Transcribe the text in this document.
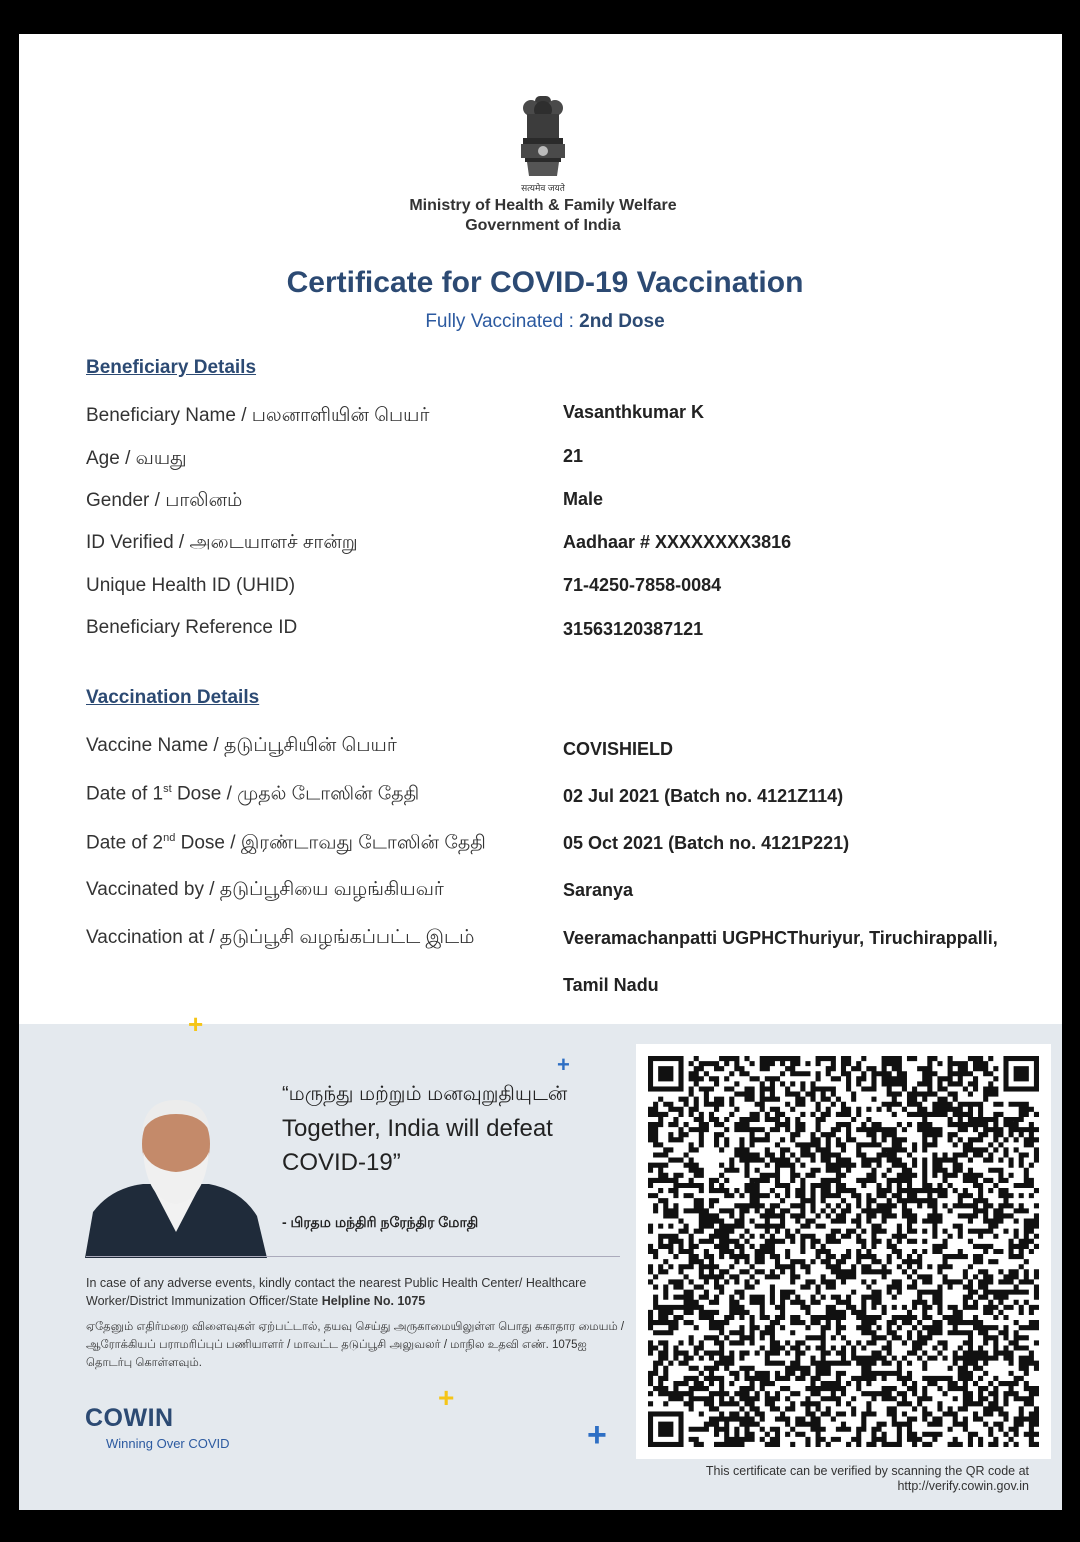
सत्यमेव जयते
Ministry of Health & Family Welfare
Government of India
Certificate for COVID-19 Vaccination
Fully Vaccinated : 2nd Dose
Beneficiary Details
Beneficiary Name / பலனாளியின் பெயர்	Vasanthkumar K
Age / வயது	21
Gender / பாலினம்	Male
ID Verified / அடையாளச் சான்று	Aadhaar # XXXXXXXX3816
Unique Health ID (UHID)	71-4250-7858-0084
Beneficiary Reference ID	31563120387121
Vaccination Details
Vaccine Name / தடுப்பூசியின் பெயர்	COVISHIELD
Date of 1st Dose / முதல் டோஸின் தேதி	02 Jul 2021 (Batch no. 4121Z114)
Date of 2nd Dose / இரண்டாவது டோஸின் தேதி	05 Oct 2021 (Batch no. 4121P221)
Vaccinated by / தடுப்பூசியை வழங்கியவர்	Saranya
Vaccination at / தடுப்பூசி வழங்கப்பட்ட இடம்	Veeramachanpatti UGPHCThuriyur, Tiruchirappalli,
Tamil Nadu
+
+
+
+
“மருந்து மற்றும் மனவுறுதியுடன்
Together, India will defeat COVID-19”
- பிரதம மந்திரி நரேந்திர மோதி
In case of any adverse events, kindly contact the nearest Public Health Center/ Healthcare Worker/District Immunization Officer/State Helpline No. 1075
ஏதேனும் எதிர்மறை விளைவுகள் ஏற்பட்டால், தயவு செய்து அருகாமையிலுள்ள பொது சுகாதார மையம் / ஆரோக்கியப் பராமரிப்புப் பணியாளர் / மாவட்ட தடுப்பூசி அலுவலர் / மாநில உதவி எண். 1075ஐ தொடர்பு கொள்ளவும்.
COWIN
Winning Over COVID
This certificate can be verified by scanning the QR code at
http://verify.cowin.gov.in
